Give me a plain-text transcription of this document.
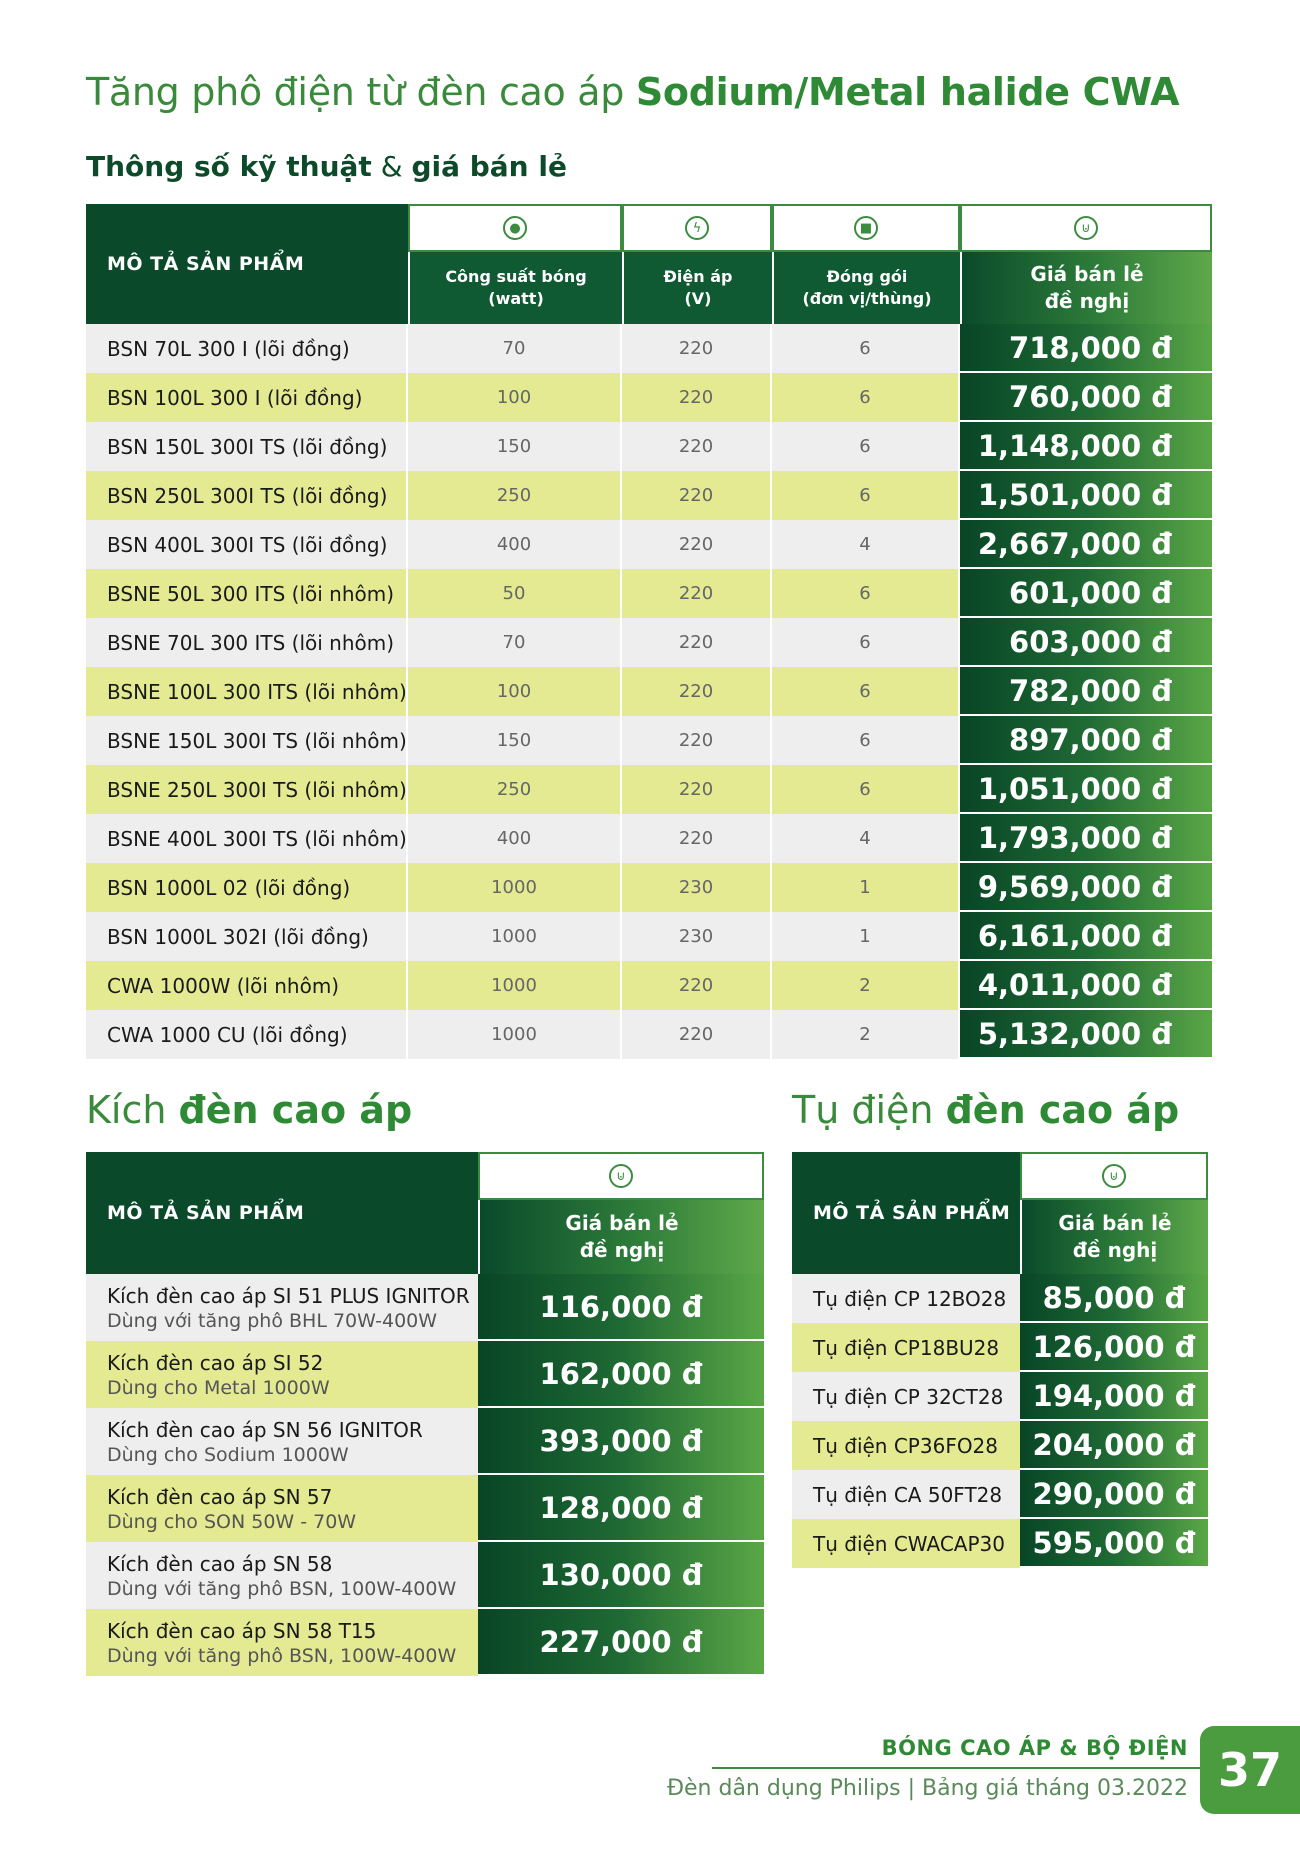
Tăng phô điện từ đèn cao áp Sodium/Metal halide CWA
Thông số kỹ thuật & giá bán lẻ
MÔ TẢ SẢN PHẨM
●	ϟ	■	⊍
Công suất bóng
(watt)
Điện áp
(V)
Đóng gói
(đơn vị/thùng)
Giá bán lẻ
đề nghị
BSN 70L 300 I (lõi đồng)	70	220	6	718,000 đ
BSN 100L 300 I (lõi đồng)	100	220	6	760,000 đ
BSN 150L 300I TS (lõi đồng)	150	220	6	1,148,000 đ
BSN 250L 300I TS (lõi đồng)	250	220	6	1,501,000 đ
BSN 400L 300I TS (lõi đồng)	400	220	4	2,667,000 đ
BSNE 50L 300 ITS (lõi nhôm)	50	220	6	601,000 đ
BSNE 70L 300 ITS (lõi nhôm)	70	220	6	603,000 đ
BSNE 100L 300 ITS (lõi nhôm)	100	220	6	782,000 đ
BSNE 150L 300I TS (lõi nhôm)	150	220	6	897,000 đ
BSNE 250L 300I TS (lõi nhôm)	250	220	6	1,051,000 đ
BSNE 400L 300I TS (lõi nhôm)	400	220	4	1,793,000 đ
BSN 1000L 02 (lõi đồng)	1000	230	1	9,569,000 đ
BSN 1000L 302I (lõi đồng)	1000	230	1	6,161,000 đ
CWA 1000W (lõi nhôm)	1000	220	2	4,011,000 đ
CWA 1000 CU (lõi đồng)	1000	220	2	5,132,000 đ
Kích đèn cao áp
MÔ TẢ SẢN PHẨM
⊍
Giá bán lẻ
đề nghị
Kích đèn cao áp SI 51 PLUS IGNITOR
Dùng với tăng phô BHL 70W-400W	116,000 đ
Kích đèn cao áp SI 52
Dùng cho Metal 1000W	162,000 đ
Kích đèn cao áp SN 56 IGNITOR
Dùng cho Sodium 1000W	393,000 đ
Kích đèn cao áp SN 57
Dùng cho SON 50W - 70W	128,000 đ
Kích đèn cao áp SN 58
Dùng với tăng phô BSN, 100W-400W	130,000 đ
Kích đèn cao áp SN 58 T15
Dùng với tăng phô BSN, 100W-400W	227,000 đ
Tụ điện đèn cao áp
MÔ TẢ SẢN PHẨM
⊍
Giá bán lẻ
đề nghị
Tụ điện CP 12BO28	85,000 đ
Tụ điện CP18BU28	126,000 đ
Tụ điện CP 32CT28	194,000 đ
Tụ điện CP36FO28	204,000 đ
Tụ điện CA 50FT28	290,000 đ
Tụ điện CWACAP30 595,000 đ
BÓNG CAO ÁP & BỘ ĐIỆN
Đèn dân dụng Philips | Bảng giá tháng 03.2022 37
